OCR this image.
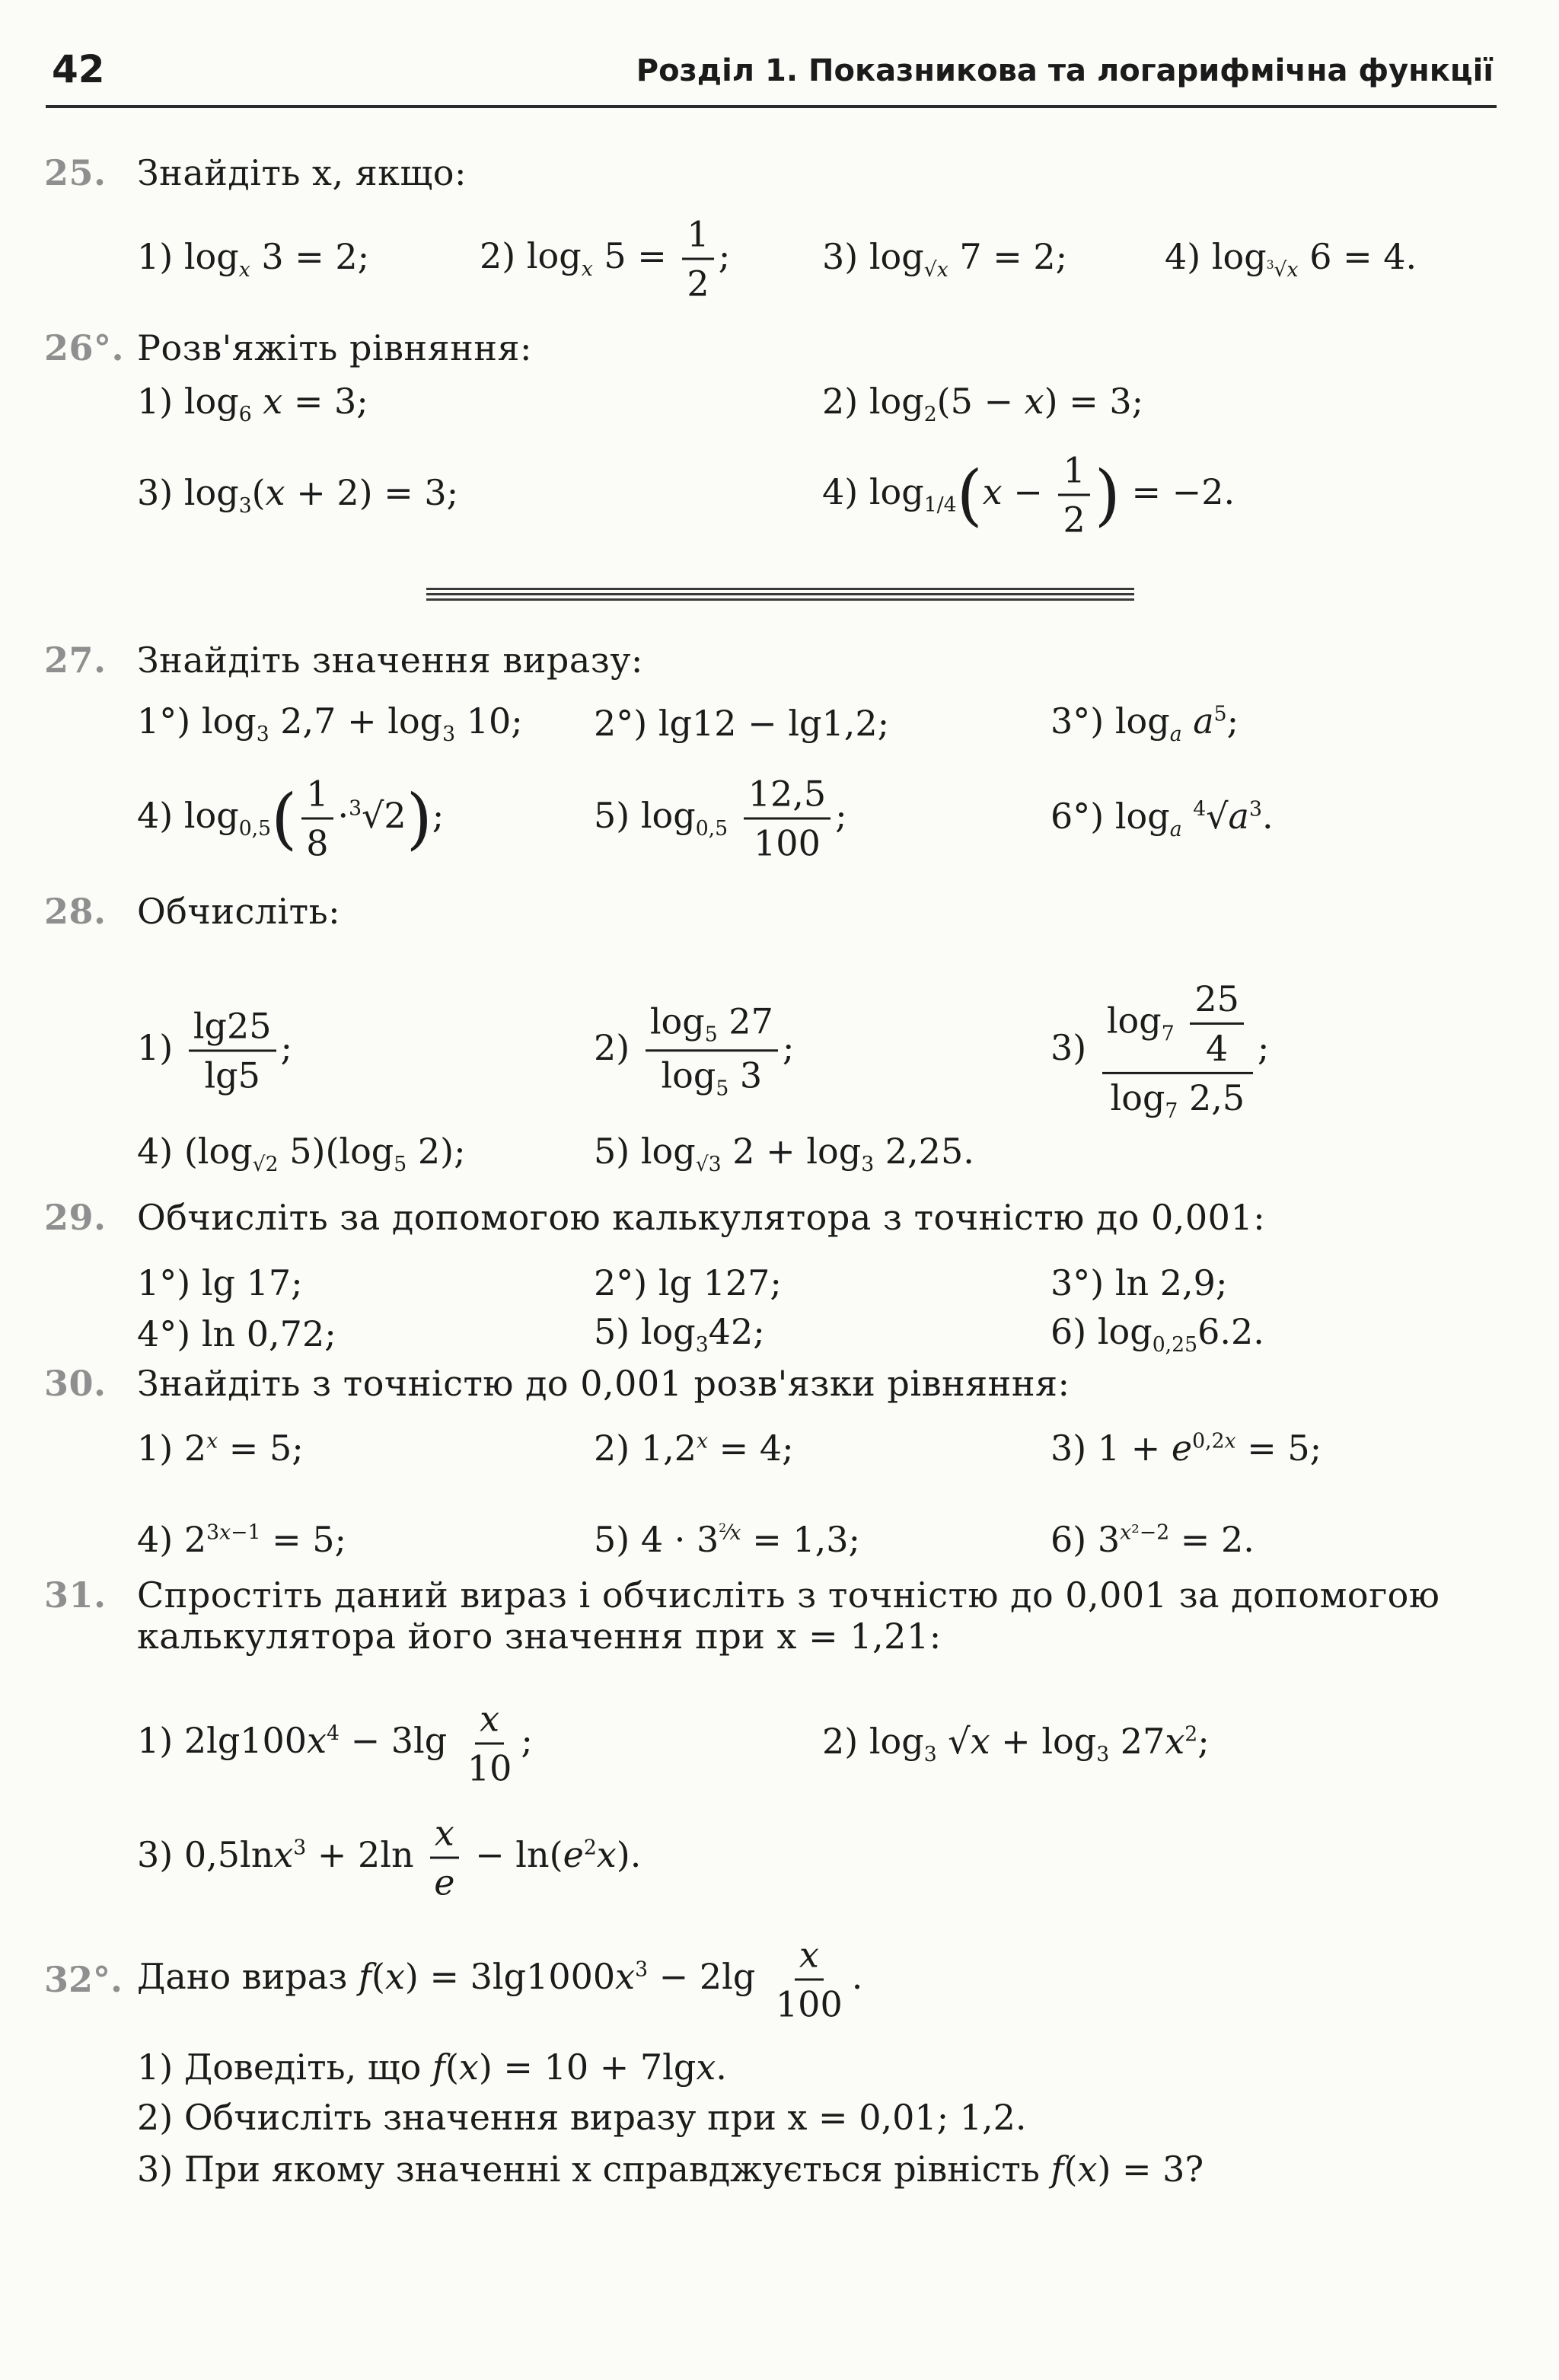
42	Розділ 1. Показникова та логарифмічна функції
25. Знайдіть x, якщо:
1) $\log_x 3 = 2$;	2) $\log_x 5 = \frac{1}{2}$ ;	3) $\log_{√x} 7 = 2$;	4) $\log_{^3√x} 6 = 4$.
26°. Розв'яжіть рівняння:
1) $\log_6 x = 3$;	2) $\log_2(5 - x) = 3$;
3) $\log_3(x + 2) = 3$;	4) $\log_{1/4}(x - \frac{1}{2}$ ) = −2.
27. Знайдіть значення виразу:
1°) $\log_3 2,7 + \log_3 10$; 2°) lg12 − lg1,2;	3°) $\log_a a^5$;
4) $\log_{0,5}( \frac{1}{8} \cdot^3√2)$;	5) $\log_{0,5} \frac{12,5}{100}$ ;	6°) $\log_a ^4√a^3$.
28. Обчисліть:
$1) \frac{\lg 25}{\lg 5}$ ;	$2) \frac{\log_5 27}{\log_5 3}$ ;	$3) \frac{\log_7 \frac{25}{4}}{\log_7 2,5}$ ;
4) ($\log_{√2}$ $5)(\log_5$ 2);	5) $\log_{√3} 2 + \log_3 2,25$.
29. Обчисліть за допомогою калькулятора з точністю до 0,001:
1°) lg 17;	2°) lg 127;	3°) ln 2,9;
4°) ln 0,72;	5) $\log_342$;	6) $\log_{0,25}6.2$.
30. Знайдіть з точністю до 0,001 розв'язки рівняння:
1) $2^x = 5$;	2) $1,2^x = 4$;	3) $1 + e^{0,2x} = 5$;
4) $2^{3x-1} = 5$;	5) $4 \cdot 3^{^2⁄x} = 1,3$;	6) $3^{x^2-2} = 2$.
31. Спростіть даний вираз і обчисліть з точністю до 0,001 за допомогою калькулятора його значення при x = 1,21:
1) $2\lg 100x^4 - 3\lg \frac{x}{10}$ ;	2) $\log_3 √x + \log_3 27x^2$;
3) $0,5\ln x^3 + 2\ln \frac{x}{e} - \ln(e^2x)$.
32°. Дано вираз $f(x) = 3\lg 1000x^3 - 2\lg \frac{x}{100}$ .
1) Доведіть, що f(x) = 10 + 7lgx.
2) Обчисліть значення виразу при x = 0,01; 1,2.
3) При якому значенні x справджується рівність f(x) = 3?
